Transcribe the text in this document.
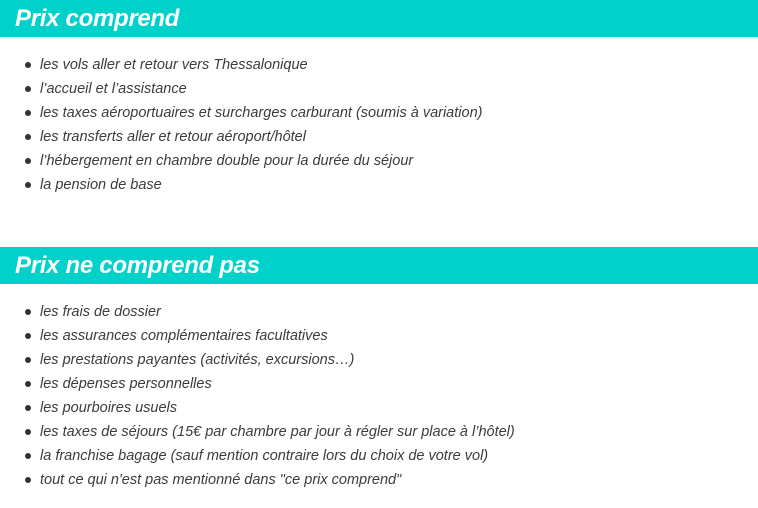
Prix comprend
les vols aller et retour vers Thessalonique
l’accueil et l’assistance
les taxes aéroportuaires et surcharges carburant (soumis à variation)
les transferts aller et retour aéroport/hôtel
l’hébergement en chambre double pour la durée du séjour
la pension de base
Prix ne comprend pas
les frais de dossier
les assurances complémentaires facultatives
les prestations payantes (activités, excursions…)
les dépenses personnelles
les pourboires usuels
les taxes de séjours (15€ par chambre par jour à régler sur place à l’hôtel)
la franchise bagage (sauf mention contraire lors du choix de votre vol)
tout ce qui n'est pas mentionné dans "ce prix comprend"
